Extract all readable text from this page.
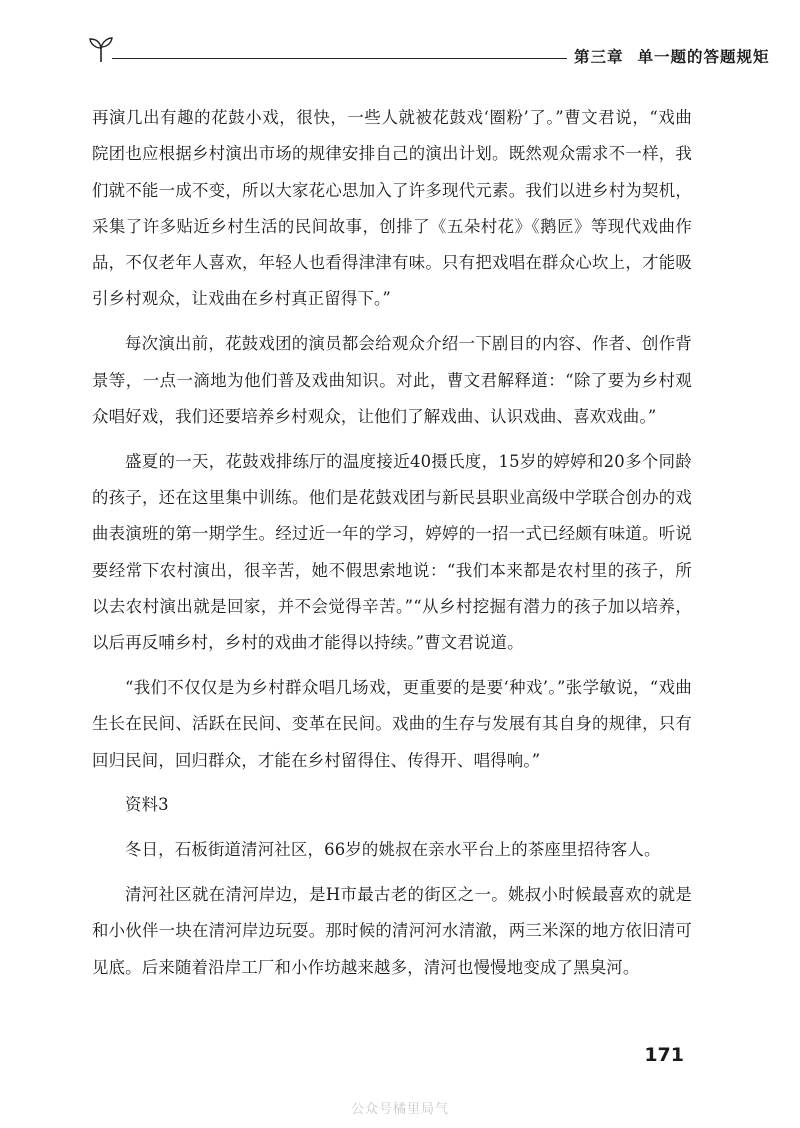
第三章 单一题的答题规矩

再演几出有趣的花鼓小戏，很快，一些人就被花鼓戏‘圈粉’了。”曹文君说，“戏曲院团也应根据乡村演出市场的规律安排自己的演出计划。既然观众需求不一样，我们就不能一成不变，所以大家花心思加入了许多现代元素。我们以进乡村为契机，采集了许多贴近乡村生活的民间故事，创排了《五朵村花》《鹅匠》等现代戏曲作品，不仅老年人喜欢，年轻人也看得津津有味。只有把戏唱在群众心坎上，才能吸引乡村观众，让戏曲在乡村真正留得下。”

每次演出前，花鼓戏团的演员都会给观众介绍一下剧目的内容、作者、创作背景等，一点一滴地为他们普及戏曲知识。对此，曹文君解释道：“除了要为乡村观众唱好戏，我们还要培养乡村观众，让他们了解戏曲、认识戏曲、喜欢戏曲。”

盛夏的一天，花鼓戏排练厅的温度接近40摄氏度，15岁的婷婷和20多个同龄的孩子，还在这里集中训练。他们是花鼓戏团与新民县职业高级中学联合创办的戏曲表演班的第一期学生。经过近一年的学习，婷婷的一招一式已经颇有味道。听说要经常下农村演出，很辛苦，她不假思索地说：“我们本来都是农村里的孩子，所以去农村演出就是回家，并不会觉得辛苦。”“从乡村挖掘有潜力的孩子加以培养，以后再反哺乡村，乡村的戏曲才能得以持续。”曹文君说道。

“我们不仅仅是为乡村群众唱几场戏，更重要的是要‘种戏’。”张学敏说，“戏曲生长在民间、活跃在民间、变革在民间。戏曲的生存与发展有其自身的规律，只有回归民间，回归群众，才能在乡村留得住、传得开、唱得响。”

资料3

冬日，石板街道清河社区，66岁的姚叔在亲水平台上的茶座里招待客人。

清河社区就在清河岸边，是H市最古老的街区之一。姚叔小时候最喜欢的就是和小伙伴一块在清河岸边玩耍。那时候的清河河水清澈，两三米深的地方依旧清可见底。后来随着沿岸工厂和小作坊越来越多，清河也慢慢地变成了黑臭河。

171
公众号橘里局气
